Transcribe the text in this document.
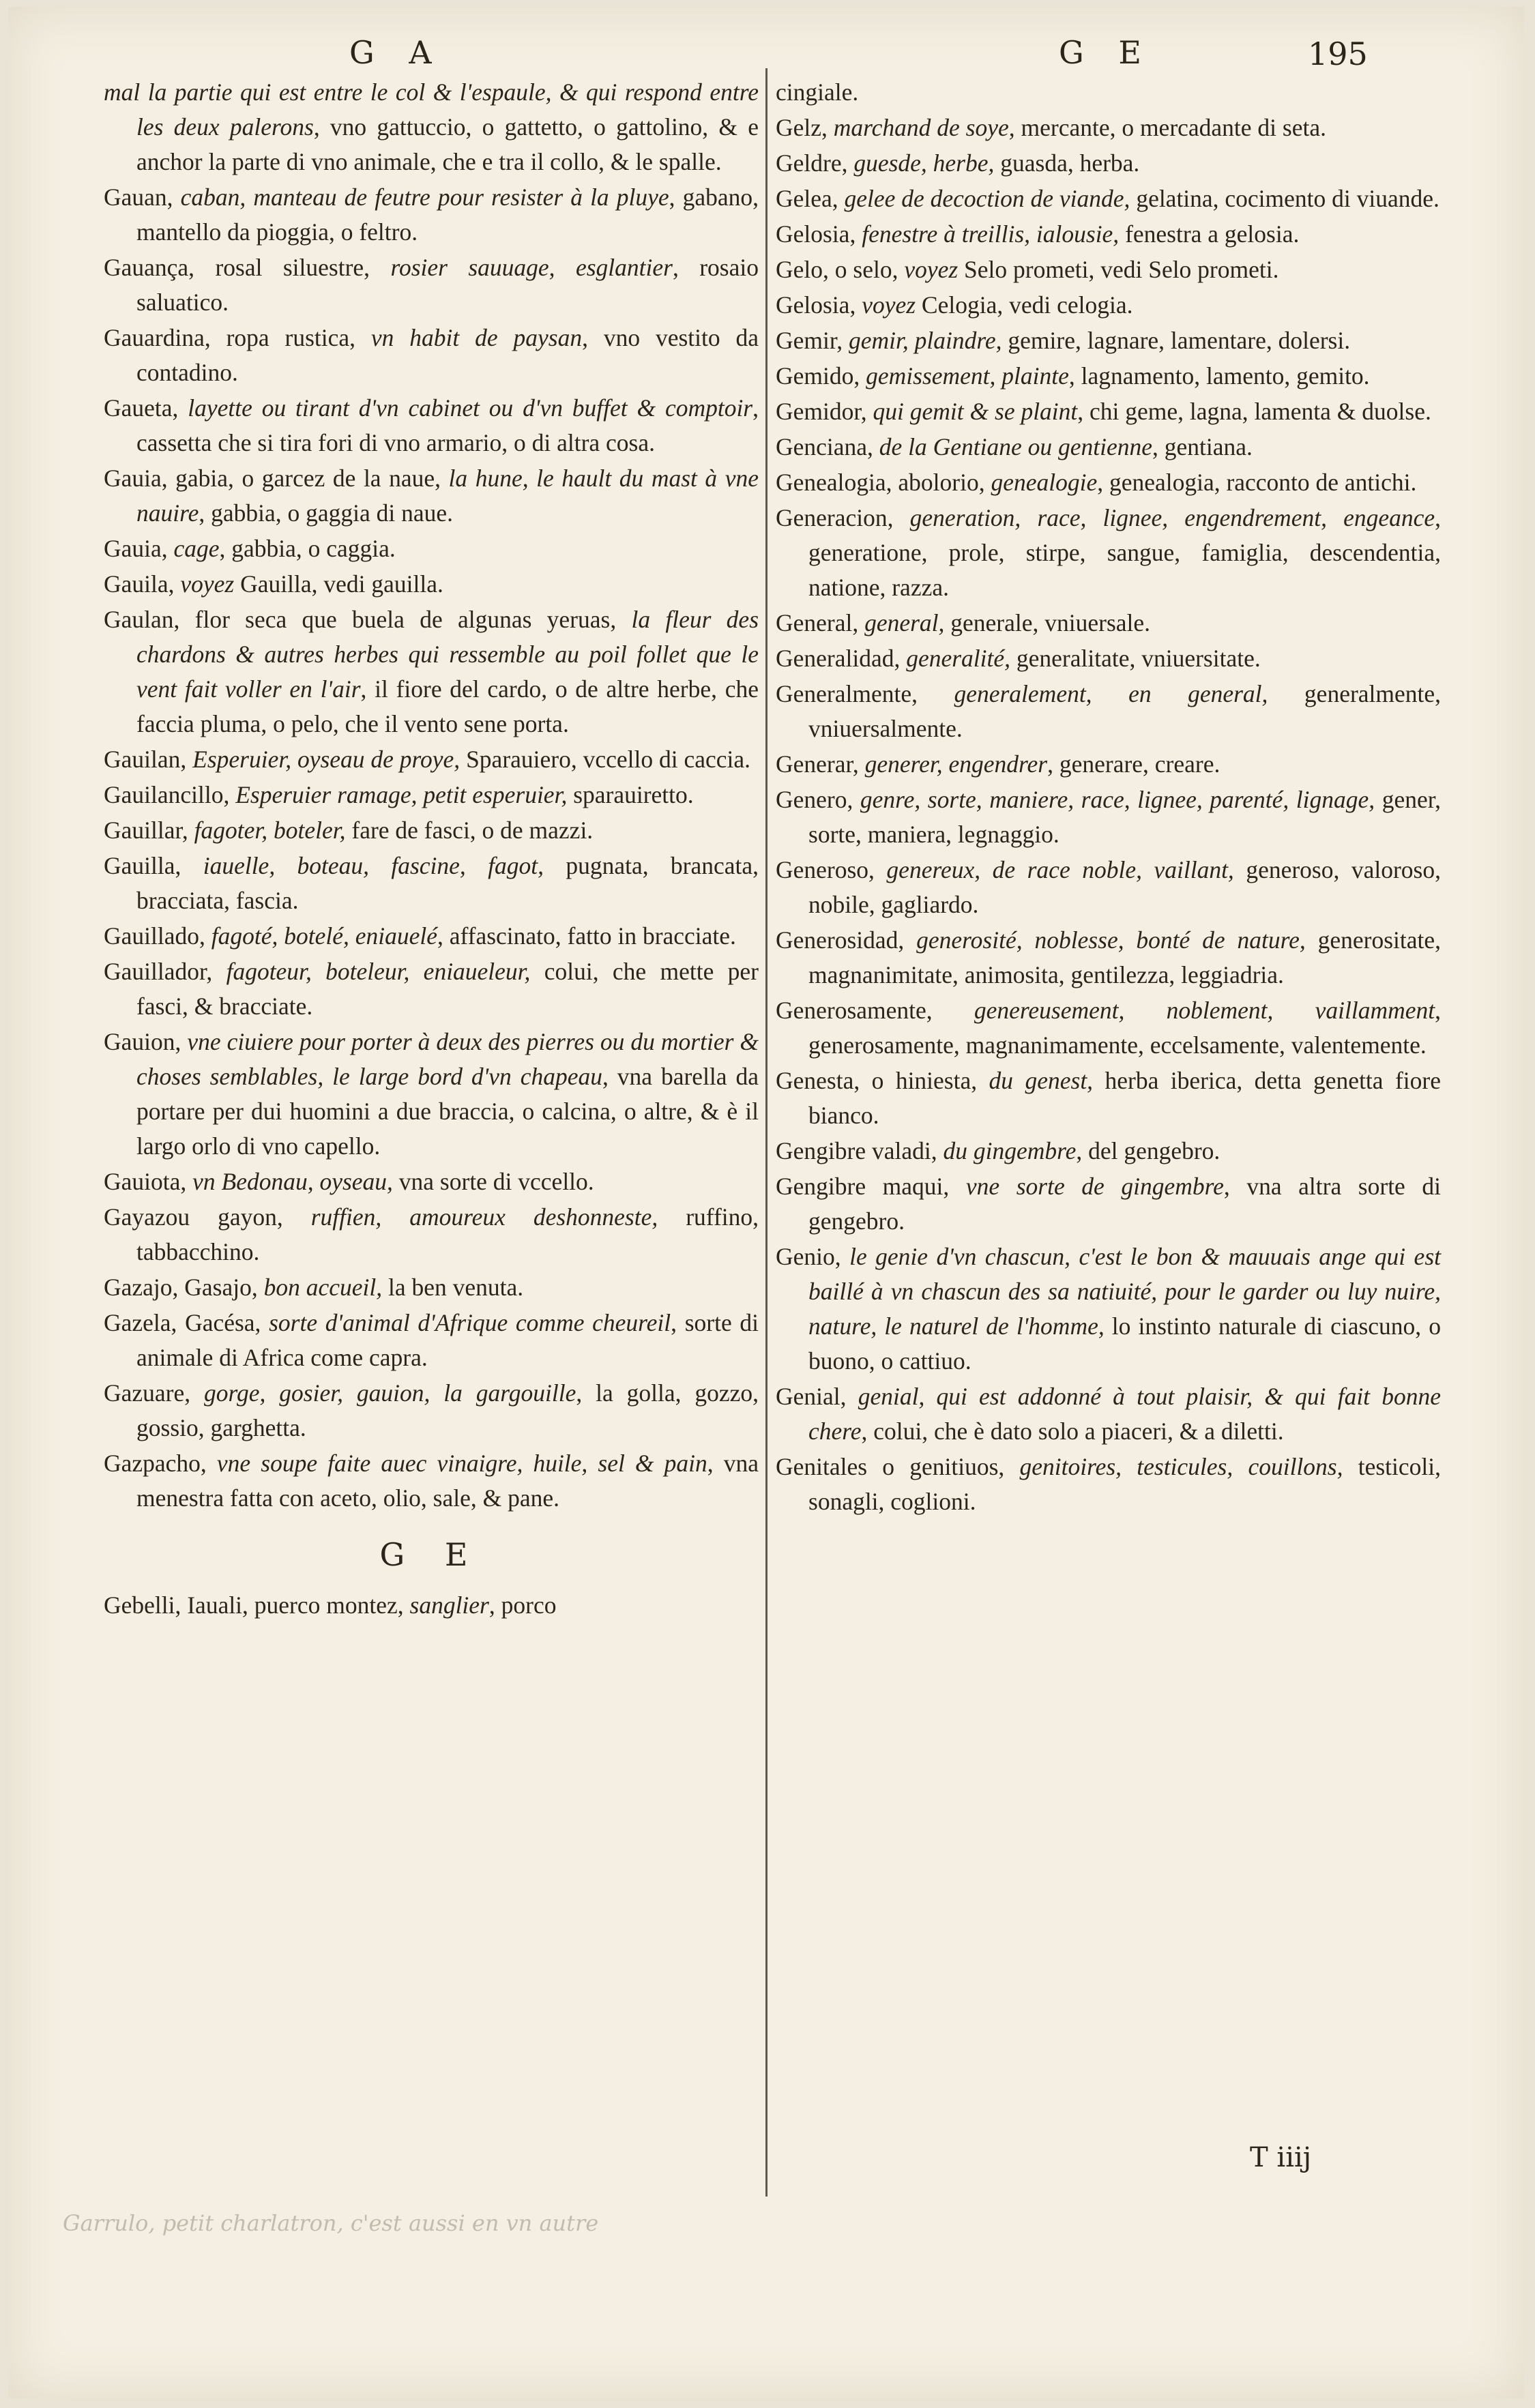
G A	G E	195
mal la partie qui est entre le col & l'espaule, & qui respond entre les deux palerons, vno gattuccio, o gattetto, o gattolino, & e anchor la parte di vno animale, che e tra il collo, & le spalle.
Gauan, caban, manteau de feutre pour resister à la pluye, gabano, mantello da pioggia, o feltro.
Gauança, rosal siluestre, rosier sauuage, esglantier, rosaio saluatico.
Gauardina, ropa rustica, vn habit de paysan, vno vestito da contadino.
Gaueta, layette ou tirant d'vn cabinet ou d'vn buffet & comptoir, cassetta che si tira fori di vno armario, o di altra cosa.
Gauia, gabia, o garcez de la naue, la hune, le hault du mast à vne nauire, gabbia, o gaggia di naue.
Gauia, cage, gabbia, o caggia.
Gauila, voyez Gauilla, vedi gauilla.
Gaulan, flor seca que buela de algunas yeruas, la fleur des chardons & autres herbes qui ressemble au poil follet que le vent fait voller en l'air, il fiore del cardo, o de altre herbe, che faccia pluma, o pelo, che il vento sene porta.
Gauilan, Esperuier, oyseau de proye, Sparauiero, vccello di caccia.
Gauilancillo, Esperuier ramage, petit esperuier, sparauiretto.
Gauillar, fagoter, boteler, fare de fasci, o de mazzi.
Gauilla, iauelle, boteau, fascine, fagot, pugnata, brancata, bracciata, fascia.
Gauillado, fagoté, botelé, eniauelé, affascinato, fatto in bracciate.
Gauillador, fagoteur, boteleur, eniaueleur, colui, che mette per fasci, & bracciate.
Gauion, vne ciuiere pour porter à deux des pierres ou du mortier & choses semblables, le large bord d'vn chapeau, vna barella da portare per dui huomini a due braccia, o calcina, o altre, & è il largo orlo di vno capello.
Gauiota, vn Bedonau, oyseau, vna sorte di vccello.
Gayazou gayon, ruffien, amoureux deshonneste, ruffino, tabbacchino.
Gazajo, Gasajo, bon accueil, la ben venuta.
Gazela, Gacésa, sorte d'animal d'Afrique comme cheureil, sorte di animale di Africa come capra.
Gazuare, gorge, gosier, gauion, la gargouille, la golla, gozzo, gossio, garghetta.
Gazpacho, vne soupe faite auec vinaigre, huile, sel & pain, vna menestra fatta con aceto, olio, sale, & pane.
G E
Gebelli, Iauali, puerco montez, sanglier, porco
cingiale.
Gelz, marchand de soye, mercante, o mercadante di seta.
Geldre, guesde, herbe, guasda, herba.
Gelea, gelee de decoction de viande, gelatina, cocimento di viuande.
Gelosia, fenestre à treillis, ialousie, fenestra a gelosia.
Gelo, o selo, voyez Selo prometi, vedi Selo prometi.
Gelosia, voyez Celogia, vedi celogia.
Gemir, gemir, plaindre, gemire, lagnare, lamentare, dolersi.
Gemido, gemissement, plainte, lagnamento, lamento, gemito.
Gemidor, qui gemit & se plaint, chi geme, lagna, lamenta & duolse.
Genciana, de la Gentiane ou gentienne, gentiana.
Genealogia, abolorio, genealogie, genealogia, racconto de antichi.
Generacion, generation, race, lignee, engendrement, engeance, generatione, prole, stirpe, sangue, famiglia, descendentia, natione, razza.
General, general, generale, vniuersale.
Generalidad, generalité, generalitate, vniuersitate.
Generalmente, generalement, en general, generalmente, vniuersalmente.
Generar, generer, engendrer, generare, creare.
Genero, genre, sorte, maniere, race, lignee, parenté, lignage, gener, sorte, maniera, legnaggio.
Generoso, genereux, de race noble, vaillant, generoso, valoroso, nobile, gagliardo.
Generosidad, generosité, noblesse, bonté de nature, generositate, magnanimitate, animosita, gentilezza, leggiadria.
Generosamente, genereusement, noblement, vaillamment, generosamente, magnanimamente, eccelsamente, valentemente.
Genesta, o hiniesta, du genest, herba iberica, detta genetta fiore bianco.
Gengibre valadi, du gingembre, del gengebro.
Gengibre maqui, vne sorte de gingembre, vna altra sorte di gengebro.
Genio, le genie d'vn chascun, c'est le bon & mauuais ange qui est baillé à vn chascun des sa natiuité, pour le garder ou luy nuire, nature, le naturel de l'homme, lo instinto naturale di ciascuno, o buono, o cattiuo.
Genial, genial, qui est addonné à tout plaisir, & qui fait bonne chere, colui, che è dato solo a piaceri, & a diletti.
Genitales o genitiuos, genitoires, testicules, couillons, testicoli, sonagli, coglioni.
T iiij
Garrulo, petit charlatron, c'est aussi en vn autre
